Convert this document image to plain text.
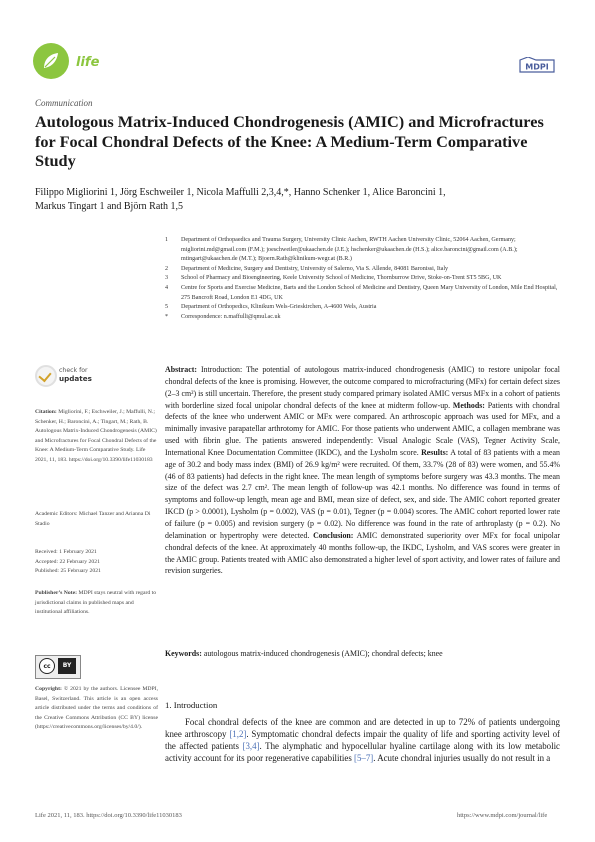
life	MDPI
Communication
Autologous Matrix-Induced Chondrogenesis (AMIC) and Microfractures for Focal Chondral Defects of the Knee: A Medium-Term Comparative Study
Filippo Migliorini 1, Jörg Eschweiler 1, Nicola Maffulli 2,3,4,*, Hanno Schenker 1, Alice Baroncini 1,
Markus Tingart 1 and Björn Rath 1,5
1	Department of Orthopaedics and Trauma Surgery, University Clinic Aachen, RWTH Aachen University Clinic, 52064 Aachen, Germany; migliorini.md@gmail.com (F.M.); joeschweiler@ukaachen.de (J.E.); hschenker@ukaachen.de (H.S.); alice.baroncini@gmail.com (A.B.); mtingart@ukaachen.de (M.T.); Bjoern.Rath@klinikum-wegr.at (B.R.)
2	Department of Medicine, Surgery and Dentistry, University of Salerno, Via S. Allende, 84081 Baronissi, Italy
3	School of Pharmacy and Bioengineering, Keele University School of Medicine, Thornburrow Drive, Stoke-on-Trent ST5 5BG, UK
4	Centre for Sports and Exercise Medicine, Barts and the London School of Medicine and Dentistry, Queen Mary University of London, Mile End Hospital, 275 Bancroft Road, London E1 4DG, UK
5	Department of Orthopedics, Klinikum Wels-Grieskirchen, A-4600 Wels, Austria
*	Correspondence: n.maffulli@qmul.ac.uk
Abstract: Introduction: The potential of autologous matrix-induced chondrogenesis (AMIC) to restore unipolar focal chondral defects of the knee is promising. However, the outcome compared to microfracturing (MFx) for certain defect sizes (2–3 cm²) is still uncertain. Therefore, the present study compared primary isolated AMIC versus MFx in a cohort of patients with borderline sized focal unipolar chondral defects of the knee at midterm follow-up. Methods: Patients with chondral defects of the knee who underwent AMIC or MFx were compared. An arthroscopic approach was used for MFx, and a minimally invasive parapatellar arthrotomy for AMIC. For those patients who underwent AMIC, a collagen membrane was used with fibrin glue. The patients answered independently: Visual Analogic Scale (VAS), Tegner Activity Scale, International Knee Documentation Committee (IKDC), and the Lysholm score. Results: A total of 83 patients with a mean age of 30.2 and body mass index (BMI) of 26.9 kg/m² were recruited. Of them, 33.7% (28 of 83) were women, and 55.4% (46 of 83 patients) had defects in the right knee. The mean length of symptoms before surgery was 43.3 months. The mean size of the defect was 2.7 cm². The mean length of follow-up was 42.1 months. No difference was found in terms of symptoms and follow-up length, mean age and BMI, mean size of defect, sex, and side. The AMIC cohort reported greater IKCD (p > 0.0001), Lysholm (p = 0.002), VAS (p = 0.01), Tegner (p = 0.004) scores. The AMIC cohort reported lower rate of failure (p = 0.005) and revision surgery (p = 0.02). No difference was found in the rate of arthroplasty (p = 0.2). No delamination or hypertrophy were detected. Conclusion: AMIC demonstrated superiority over MFx for focal unipolar chondral defects of the knee. At approximately 40 months follow-up, the IKDC, Lysholm, and VAS scores were greater in the AMIC group. Patients treated with AMIC also demonstrated a higher level of sport activity, and lower rates of failure and revision surgeries.
Keywords: autologous matrix-induced chondrogenesis (AMIC); chondral defects; knee
check for
updates
Citation: Migliorini, F.; Eschweiler, J.; Maffulli, N.; Schenker, H.; Baroncini, A.; Tingart, M.; Rath, B. Autologous Matrix-Induced Chondrogenesis (AMIC) and Microfractures for Focal Chondral Defects of the Knee: A Medium-Term Comparative Study. Life 2021, 11, 183. https://doi.org/10.3390/life11030183
Academic Editors: Michael Tanzer and Arianna Di Stadio
Received: 1 February 2021
Accepted: 22 February 2021
Published: 25 February 2021
Publisher’s Note: MDPI stays neutral with regard to jurisdictional claims in published maps and institutional affiliations.
cc	BY
Copyright: © 2021 by the authors. Licensee MDPI, Basel, Switzerland. This article is an open access article distributed under the terms and conditions of the Creative Commons Attribution (CC BY) license (https://creativecommons.org/licenses/by/4.0/).
1. Introduction
Focal chondral defects of the knee are common and are detected in up to 72% of patients undergoing knee arthroscopy [1,2]. Symptomatic chondral defects impair the quality of life and sporting activity level of the affected patients [3,4]. The alymphatic and hypocellular hyaline cartilage along with its low metabolic activity account for its poor regenerative capabilities [5–7]. Acute chondral injuries usually do not result in a
Life 2021, 11, 183. https://doi.org/10.3390/life11030183	https://www.mdpi.com/journal/life
